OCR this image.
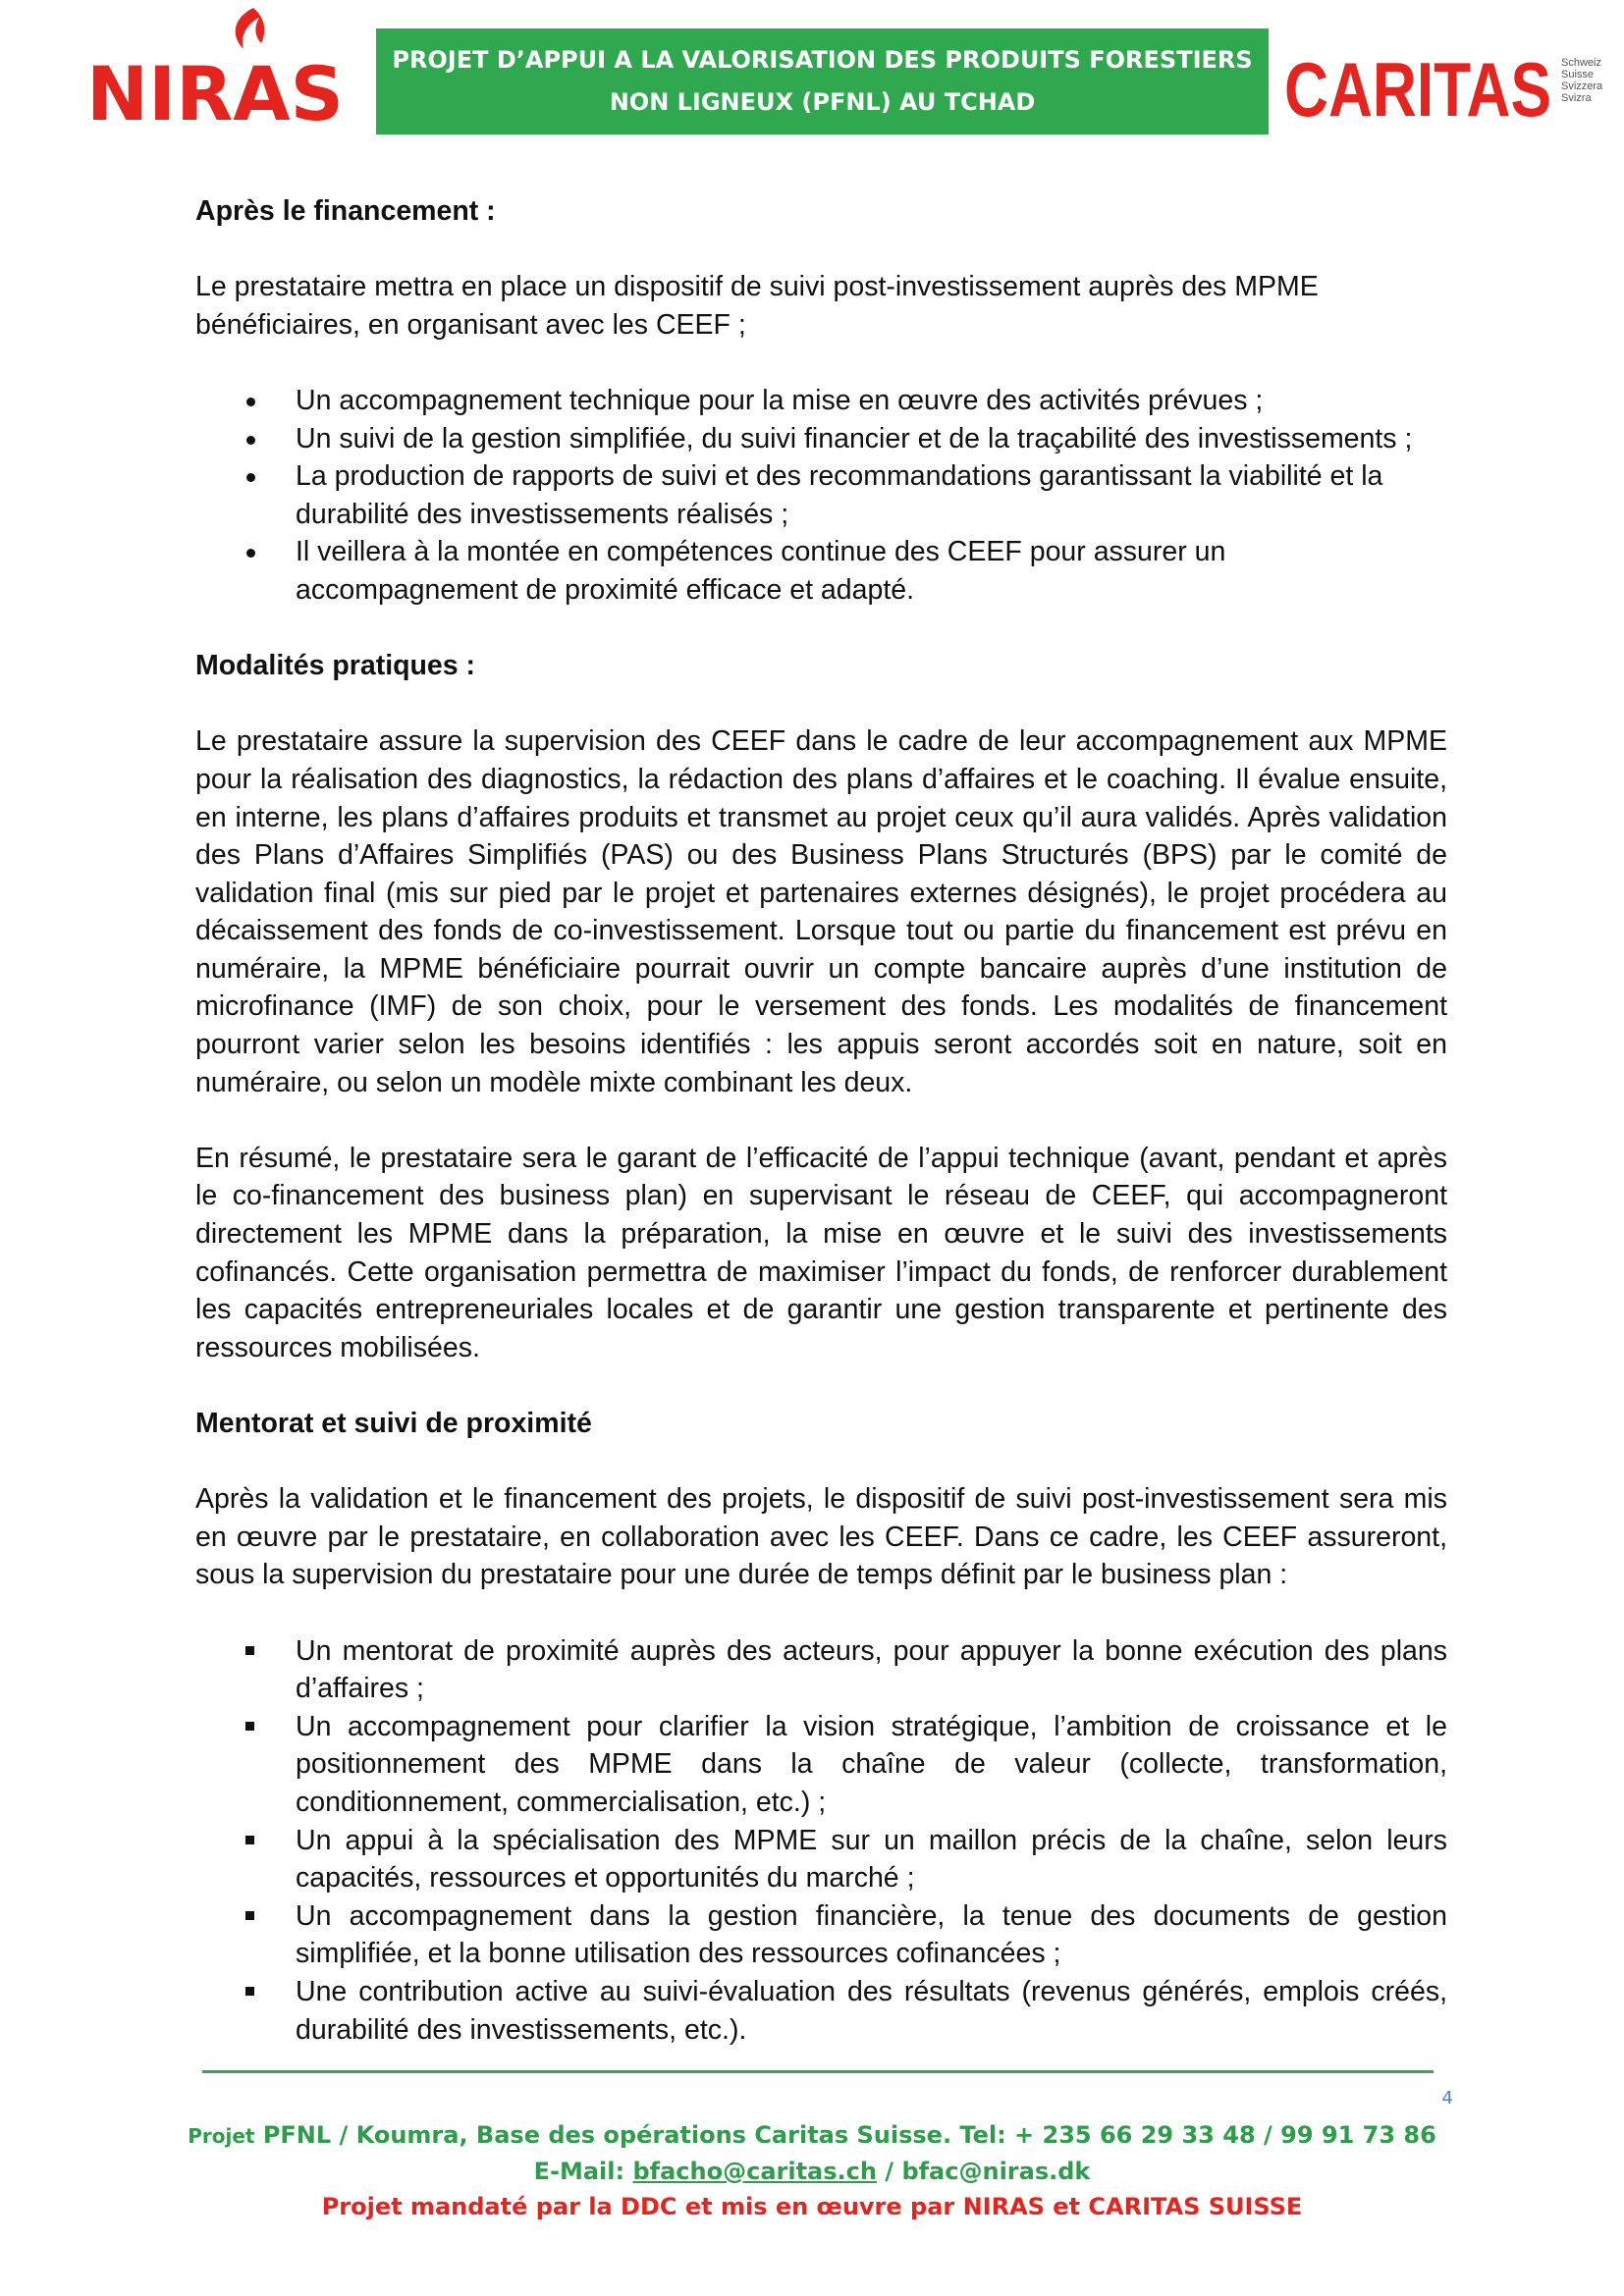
NIRAS	PROJET D’APPUI A LA VALORISATION DES PRODUITS FORESTIERS
NON LIGNEUX (PFNL) AU TCHAD	CARITAS Schweiz
Suisse
Svizzera
Svizra
Après le financement :

Le prestataire mettra en place un dispositif de suivi post-investissement auprès des MPME bénéficiaires, en organisant avec les CEEF ;

Un accompagnement technique pour la mise en œuvre des activités prévues ;
Un suivi de la gestion simplifiée, du suivi financier et de la traçabilité des investissements ;
La production de rapports de suivi et des recommandations garantissant la viabilité et la durabilité des investissements réalisés ;
Il veillera à la montée en compétences continue des CEEF pour assurer un accompagnement de proximité efficace et adapté.
Modalités pratiques :

Le prestataire assure la supervision des CEEF dans le cadre de leur accompagnement aux MPME pour la réalisation des diagnostics, la rédaction des plans d’affaires et le coaching. Il évalue ensuite, en interne, les plans d’affaires produits et transmet au projet ceux qu’il aura validés. Après validation des Plans d’Affaires Simplifiés (PAS) ou des Business Plans Structurés (BPS) par le comité de validation final (mis sur pied par le projet et partenaires externes désignés), le projet procédera au décaissement des fonds de co-investissement. Lorsque tout ou partie du financement est prévu en numéraire, la MPME bénéficiaire pourrait ouvrir un compte bancaire auprès d’une institution de microfinance (IMF) de son choix, pour le versement des fonds. Les modalités de financement pourront varier selon les besoins identifiés : les appuis seront accordés soit en nature, soit en numéraire, ou selon un modèle mixte combinant les deux.

En résumé, le prestataire sera le garant de l’efficacité de l’appui technique (avant, pendant et après le co-financement des business plan) en supervisant le réseau de CEEF, qui accompagneront directement les MPME dans la préparation, la mise en œuvre et le suivi des investissements cofinancés. Cette organisation permettra de maximiser l’impact du fonds, de renforcer durablement les capacités entrepreneuriales locales et de garantir une gestion transparente et pertinente des ressources mobilisées.

Mentorat et suivi de proximité

Après la validation et le financement des projets, le dispositif de suivi post-investissement sera mis en œuvre par le prestataire, en collaboration avec les CEEF. Dans ce cadre, les CEEF assureront, sous la supervision du prestataire pour une durée de temps définit par le business plan :

Un mentorat de proximité auprès des acteurs, pour appuyer la bonne exécution des plans d’affaires ;
Un accompagnement pour clarifier la vision stratégique, l’ambition de croissance et le positionnement des MPME dans la chaîne de valeur (collecte, transformation, conditionnement, commercialisation, etc.) ;
Un appui à la spécialisation des MPME sur un maillon précis de la chaîne, selon leurs capacités, ressources et opportunités du marché ;
Un accompagnement dans la gestion financière, la tenue des documents de gestion simplifiée, et la bonne utilisation des ressources cofinancées ;
Une contribution active au suivi-évaluation des résultats (revenus générés, emplois créés, durabilité des investissements, etc.).
4
Projet PFNL / Koumra, Base des opérations Caritas Suisse. Tel: + 235 66 29 33 48 / 99 91 73 86
E-Mail: bfacho@caritas.ch / bfac@niras.dk
Projet mandaté par la DDC et mis en œuvre par NIRAS et CARITAS SUISSE
